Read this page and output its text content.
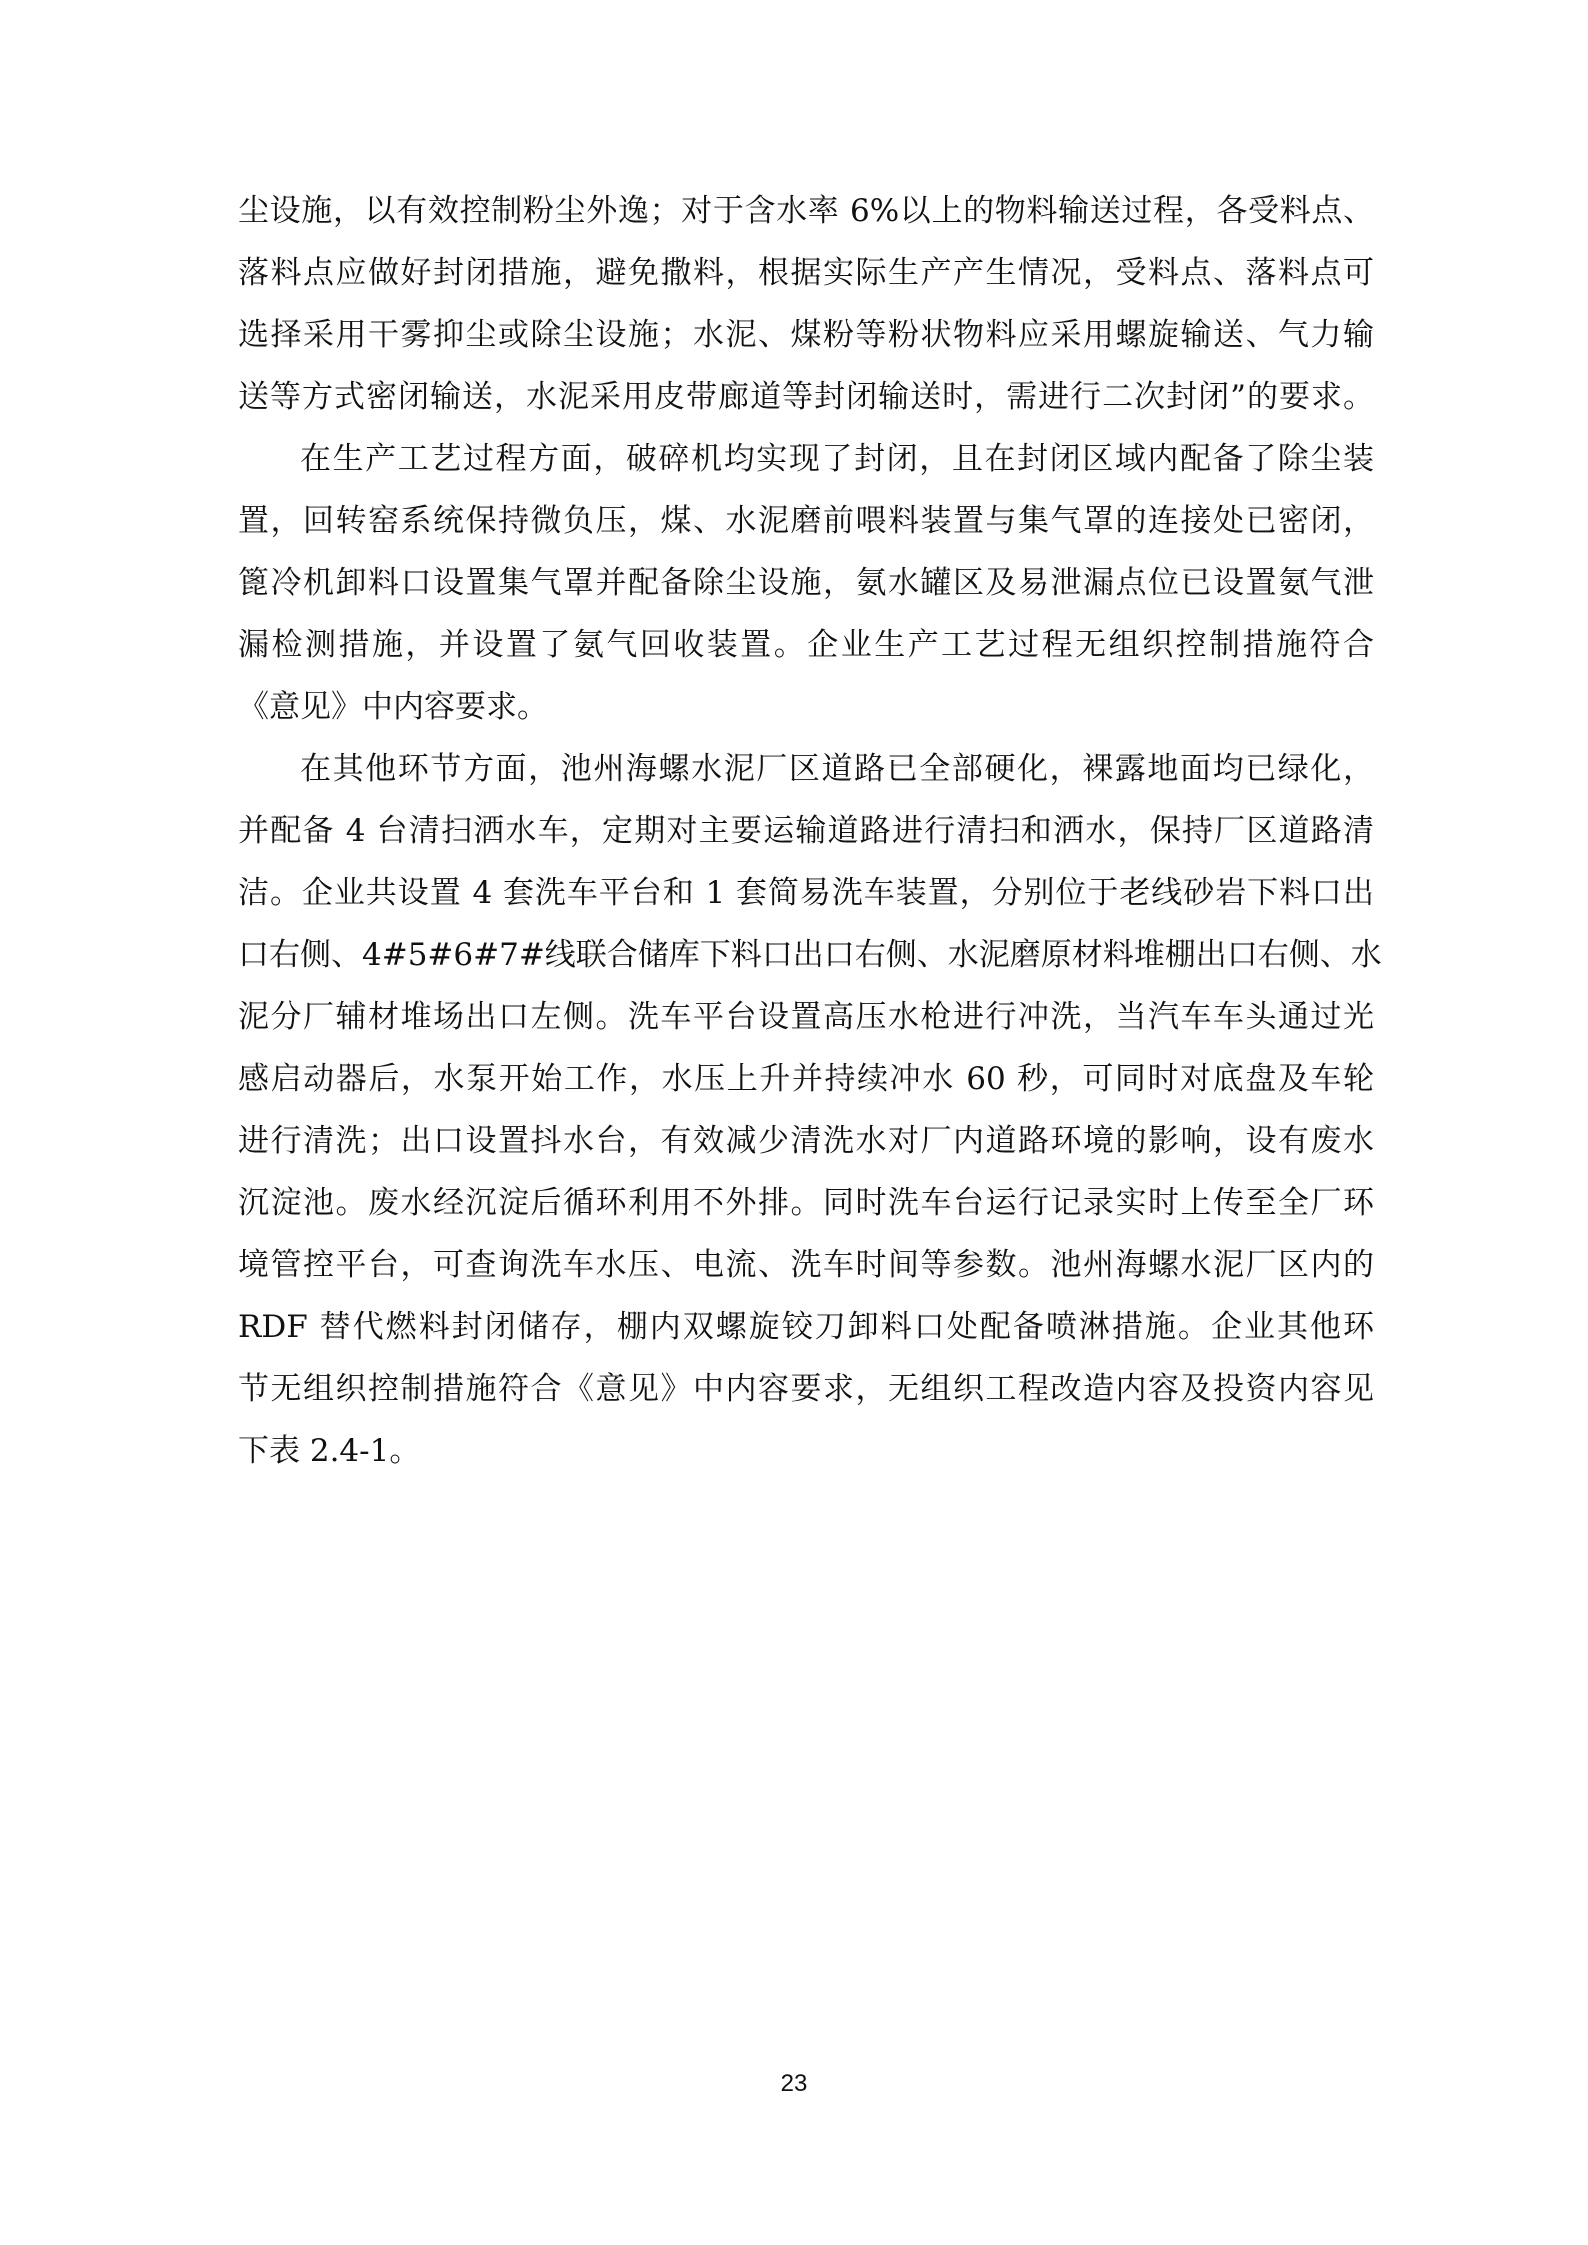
尘设施，以有效控制粉尘外逸；对于含水率 6%以上的物料输送过程，各受料点、
落料点应做好封闭措施，避免撒料，根据实际生产产生情况，受料点、落料点可
选择采用干雾抑尘或除尘设施；水泥、煤粉等粉状物料应采用螺旋输送、气力输
送等方式密闭输送，水泥采用皮带廊道等封闭输送时，需进行二次封闭”的要求。
在生产工艺过程方面，破碎机均实现了封闭，且在封闭区域内配备了除尘装
置，回转窑系统保持微负压，煤、水泥磨前喂料装置与集气罩的连接处已密闭，
篦冷机卸料口设置集气罩并配备除尘设施，氨水罐区及易泄漏点位已设置氨气泄
漏检测措施，并设置了氨气回收装置。企业生产工艺过程无组织控制措施符合
《意见》中内容要求。
在其他环节方面，池州海螺水泥厂区道路已全部硬化，裸露地面均已绿化，
并配备 4 台清扫洒水车，定期对主要运输道路进行清扫和洒水，保持厂区道路清
洁。企业共设置 4 套洗车平台和 1 套简易洗车装置，分别位于老线砂岩下料口出
口右侧、4#5#6#7#线联合储库下料口出口右侧、水泥磨原材料堆棚出口右侧、水
泥分厂辅材堆场出口左侧。洗车平台设置高压水枪进行冲洗，当汽车车头通过光
感启动器后，水泵开始工作，水压上升并持续冲水 60 秒，可同时对底盘及车轮
进行清洗；出口设置抖水台，有效减少清洗水对厂内道路环境的影响，设有废水
沉淀池。废水经沉淀后循环利用不外排。同时洗车台运行记录实时上传至全厂环
境管控平台，可查询洗车水压、电流、洗车时间等参数。池州海螺水泥厂区内的
RDF 替代燃料封闭储存，棚内双螺旋铰刀卸料口处配备喷淋措施。企业其他环
节无组织控制措施符合《意见》中内容要求，无组织工程改造内容及投资内容见
下表 2.4-1。
23
